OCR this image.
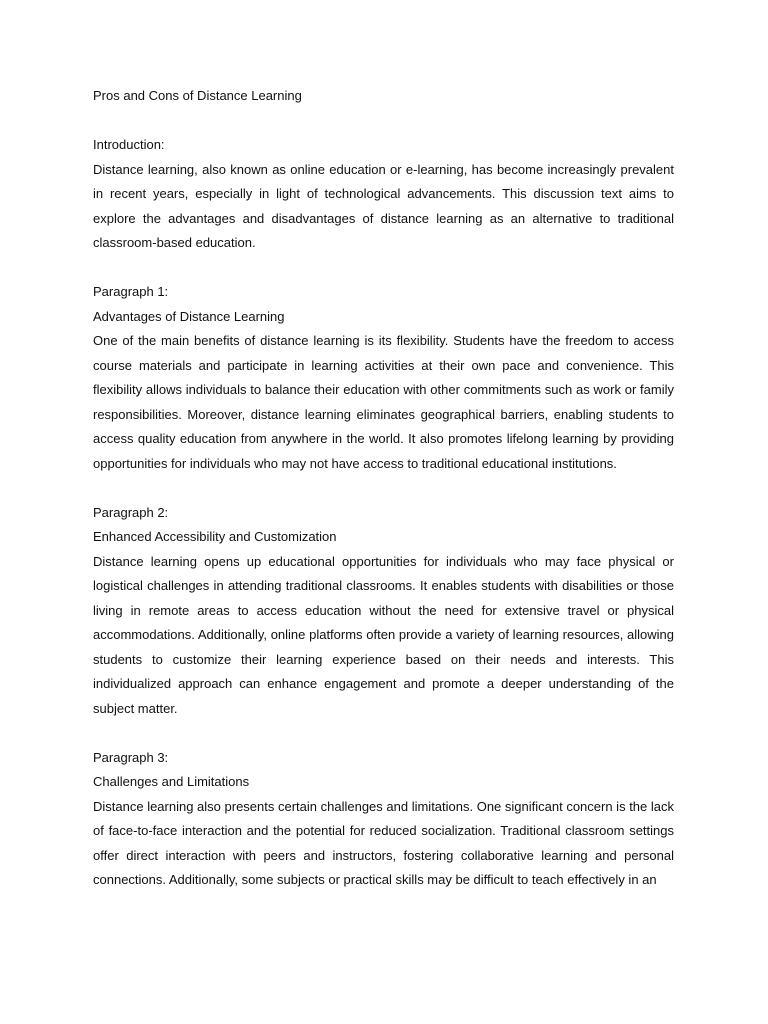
Pros and Cons of Distance Learning

Introduction:

Distance learning, also known as online education or e-learning, has become increasingly prevalent in recent years, especially in light of technological advancements. This discussion text aims to explore the advantages and disadvantages of distance learning as an alternative to traditional classroom-based education.

Paragraph 1:

Advantages of Distance Learning

One of the main benefits of distance learning is its flexibility. Students have the freedom to access course materials and participate in learning activities at their own pace and convenience. This flexibility allows individuals to balance their education with other commitments such as work or family responsibilities. Moreover, distance learning eliminates geographical barriers, enabling students to access quality education from anywhere in the world. It also promotes lifelong learning by providing opportunities for individuals who may not have access to traditional educational institutions.

Paragraph 2:

Enhanced Accessibility and Customization

Distance learning opens up educational opportunities for individuals who may face physical or logistical challenges in attending traditional classrooms. It enables students with disabilities or those living in remote areas to access education without the need for extensive travel or physical accommodations. Additionally, online platforms often provide a variety of learning resources, allowing students to customize their learning experience based on their needs and interests. This individualized approach can enhance engagement and promote a deeper understanding of the subject matter.

Paragraph 3:

Challenges and Limitations

Distance learning also presents certain challenges and limitations. One significant concern is the lack of face-to-face interaction and the potential for reduced socialization. Traditional classroom settings offer direct interaction with peers and instructors, fostering collaborative learning and personal connections. Additionally, some subjects or practical skills may be difficult to teach effectively in an
